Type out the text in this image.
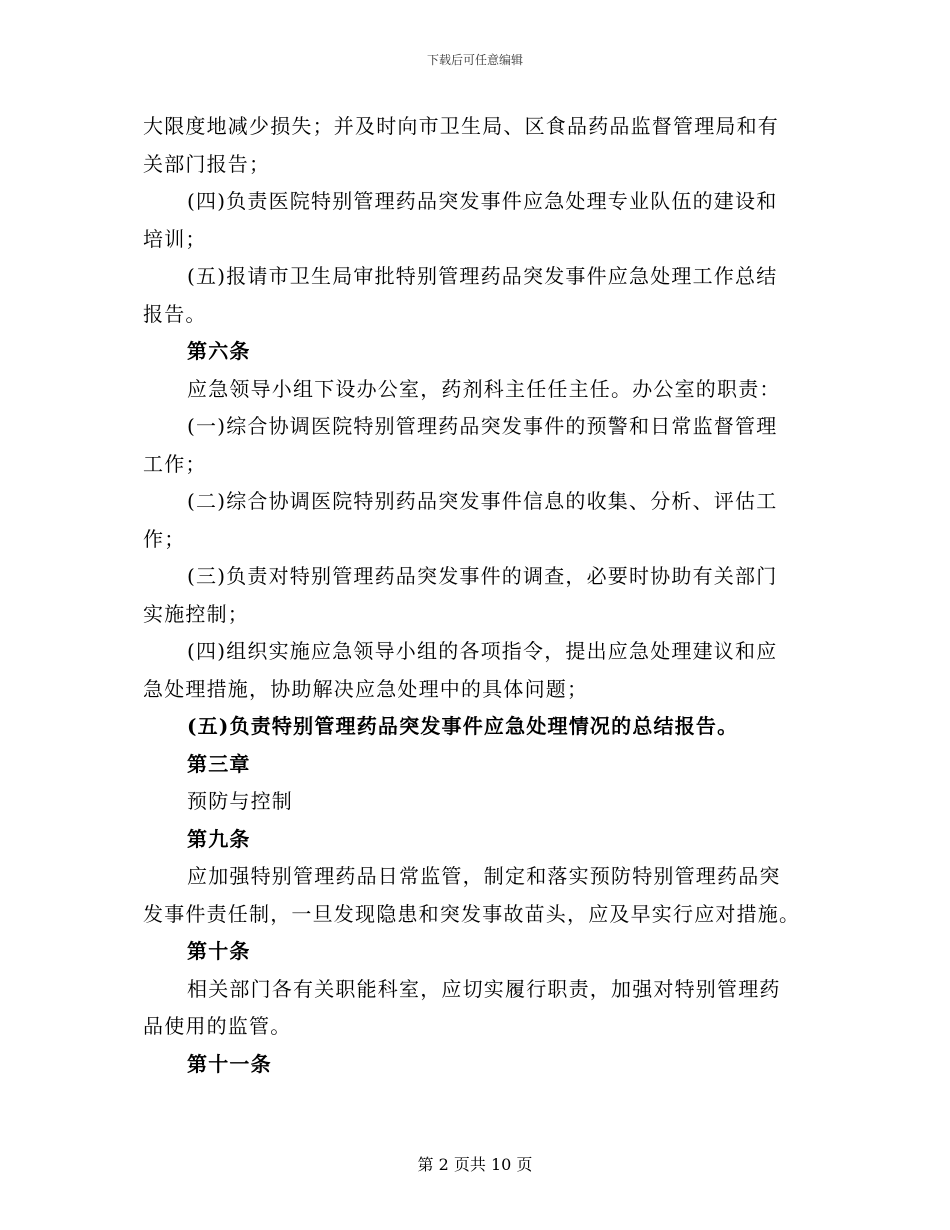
下载后可任意编辑

大限度地减少损失；并及时向市卫生局、区食品药品监督管理局和有

关部门报告；

(四)负责医院特别管理药品突发事件应急处理专业队伍的建设和

培训；

(五)报请市卫生局审批特别管理药品突发事件应急处理工作总结

报告。

第六条

应急领导小组下设办公室，药剂科主任任主任。办公室的职责：

(一)综合协调医院特别管理药品突发事件的预警和日常监督管理

工作；

(二)综合协调医院特别药品突发事件信息的收集、分析、评估工

作；

(三)负责对特别管理药品突发事件的调查，必要时协助有关部门

实施控制；

(四)组织实施应急领导小组的各项指令，提出应急处理建议和应

急处理措施，协助解决应急处理中的具体问题；

(五)负责特别管理药品突发事件应急处理情况的总结报告。

第三章

预防与控制

第九条

应加强特别管理药品日常监管，制定和落实预防特别管理药品突

发事件责任制，一旦发现隐患和突发事故苗头，应及早实行应对措施。

第十条

相关部门各有关职能科室，应切实履行职责，加强对特别管理药

品使用的监管。

第十一条

第 2 页共 10 页
